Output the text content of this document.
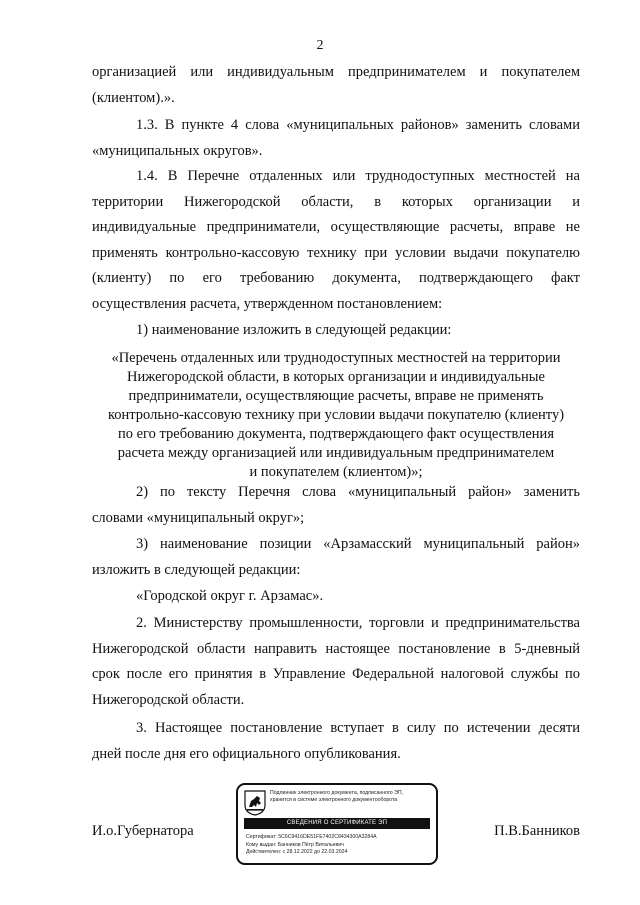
2
организацией или индивидуальным предпринимателем и покупателем
(клиентом).».
1.3. В пункте 4 слова «муниципальных районов» заменить словами
«муниципальных округов».
1.4. В Перечне отдаленных или труднодоступных местностей на
территории Нижегородской области, в которых организации и
индивидуальные предприниматели, осуществляющие расчеты, вправе не
применять контрольно-кассовую технику при условии выдачи покупателю
(клиенту) по его требованию документа, подтверждающего факт
осуществления расчета, утвержденном постановлением:
1) наименование изложить в следующей редакции:
«Перечень отдаленных или труднодоступных местностей на территории
Нижегородской области, в которых организации и индивидуальные
предприниматели, осуществляющие расчеты, вправе не применять
контрольно-кассовую технику при условии выдачи покупателю (клиенту)
по его требованию документа, подтверждающего факт осуществления
расчета между организацией или индивидуальным предпринимателем
и покупателем (клиентом)»;
2) по тексту Перечня слова «муниципальный район» заменить
словами «муниципальный округ»;
3) наименование позиции «Арзамасский муниципальный район»
изложить в следующей редакции:
«Городской округ г. Арзамас».
2. Министерству промышленности, торговли и предпринимательства
Нижегородской области направить настоящее постановление в 5-дневный
срок после его принятия в Управление Федеральной налоговой службы по
Нижегородской области.
3. Настоящее постановление вступает в силу по истечении десяти
дней после дня его официального опубликования.
И.о.Губернатора	П.В.Банников
Подлинник электронного документа, подписанного ЭП,
хранится в системе электронного документооборота
СВЕДЕНИЯ О СЕРТИФИКАТЕ ЭП
Сертификат: 5C6C9416DE51FE7402C8434300A3284A
Кому выдан: Банников Пётр Витальевич
Действителен: с 28.12.2022 до 22.03.2024
